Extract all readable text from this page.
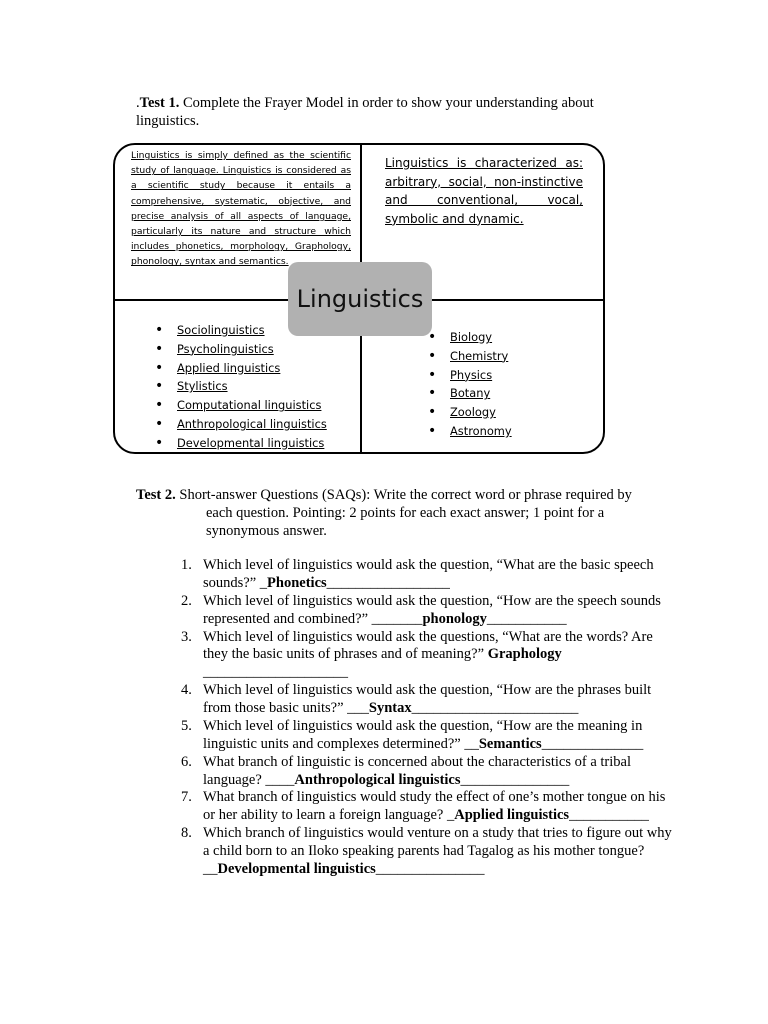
.Test 1. Complete the Frayer Model in order to show your understanding about linguistics.
Linguistics is simply defined as the scientific study of language. Linguistics is considered as a scientific study because it entails a comprehensive, systematic, objective, and precise analysis of all aspects of language, particularly its nature and structure which includes phonetics, morphology, Graphology, phonology, syntax and semantics.
Linguistics is characterized as: arbitrary, social, non-instinctive and conventional, vocal, symbolic and dynamic.
• Sociolinguistics
• Psycholinguistics
• Applied linguistics
• Stylistics
• Computational linguistics
• Anthropological linguistics
• Developmental linguistics
• Biology
• Chemistry
• Physics
• Botany
• Zoology
• Astronomy
Linguistics
Test 2. Short-answer Questions (SAQs): Write the correct word or phrase required by
each question. Pointing: 2 points for each exact answer; 1 point for a synonymous answer.
1. Which level of linguistics would ask the question, “What are the basic speech sounds?” _Phonetics_________________
2. Which level of linguistics would ask the question, “How are the speech sounds represented and combined?” _______phonology___________
3. Which level of linguistics would ask the questions, “What are the words? Are they the basic units of phrases and of meaning?” Graphology ____________________
4. Which level of linguistics would ask the question, “How are the phrases built from those basic units?” ___Syntax_______________________
5. Which level of linguistics would ask the question, “How are the meaning in linguistic units and complexes determined?” __Semantics______________
6. What branch of linguistic is concerned about the characteristics of a tribal language? ____Anthropological linguistics_______________
7. What branch of linguistics would study the effect of one’s mother tongue on his or her ability to learn a foreign language? _Applied linguistics___________
8. Which branch of linguistics would venture on a study that tries to figure out why a child born to an Iloko speaking parents had Tagalog as his mother tongue? __Developmental linguistics_______________
